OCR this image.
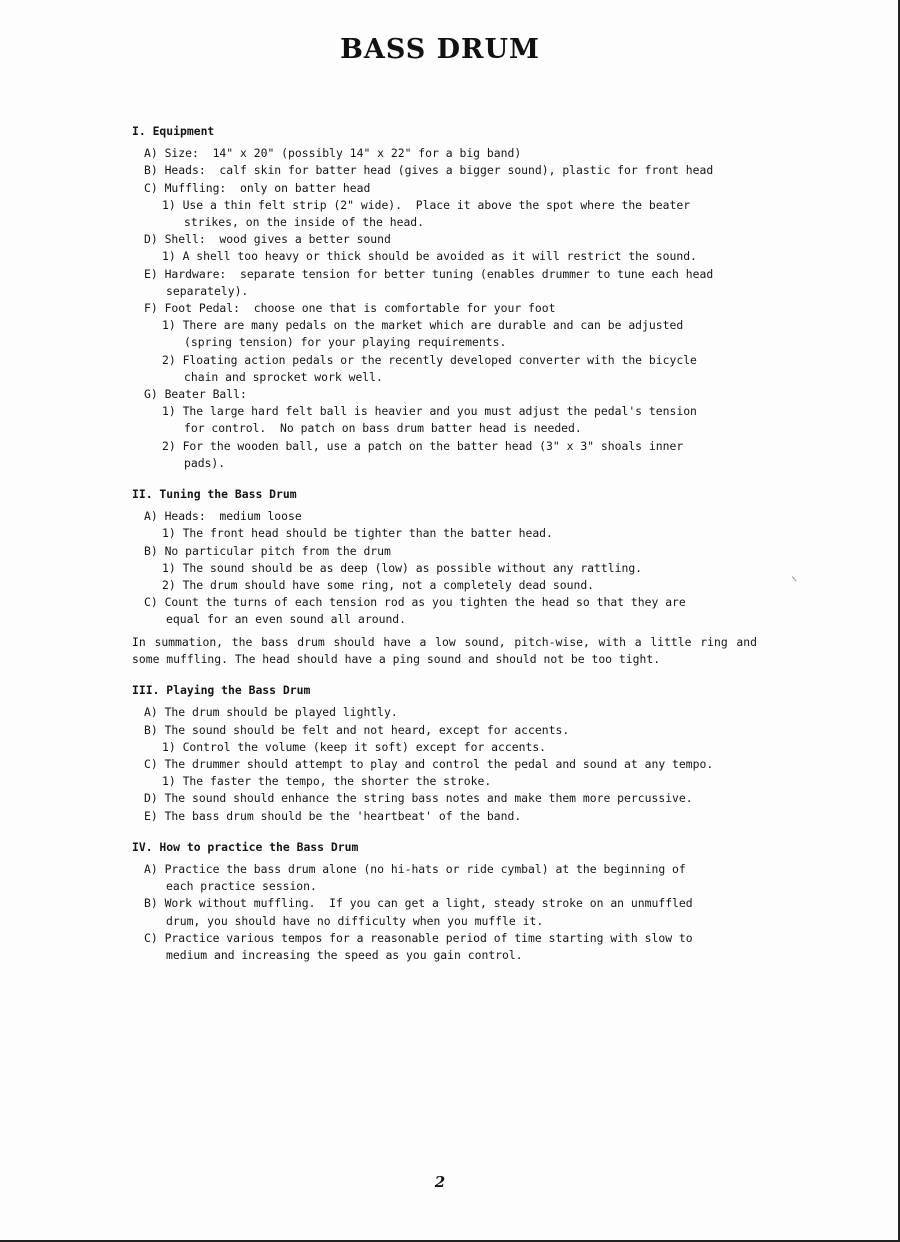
BASS DRUM
I. Equipment
A) Size:  14" x 20" (possibly 14" x 22" for a big band)
B) Heads:  calf skin for batter head (gives a bigger sound), plastic for front head
C) Muffling:  only on batter head
1) Use a thin felt strip (2" wide).  Place it above the spot where the beater
strikes, on the inside of the head.
D) Shell:  wood gives a better sound
1) A shell too heavy or thick should be avoided as it will restrict the sound.
E) Hardware:  separate tension for better tuning (enables drummer to tune each head
separately).
F) Foot Pedal:  choose one that is comfortable for your foot
1) There are many pedals on the market which are durable and can be adjusted
(spring tension) for your playing requirements.
2) Floating action pedals or the recently developed converter with the bicycle
chain and sprocket work well.
G) Beater Ball:
1) The large hard felt ball is heavier and you must adjust the pedal's tension
for control.  No patch on bass drum batter head is needed.
2) For the wooden ball, use a patch on the batter head (3" x 3" shoals inner
pads).
II. Tuning the Bass Drum
A) Heads:  medium loose
1) The front head should be tighter than the batter head.
B) No particular pitch from the drum
1) The sound should be as deep (low) as possible without any rattling.
2) The drum should have some ring, not a completely dead sound.
C) Count the turns of each tension rod as you tighten the head so that they are
equal for an even sound all around.
In summation, the bass drum should have a low sound, pitch-wise, with a little ring and some muffling. The head should have a ping sound and should not be too tight.
III. Playing the Bass Drum
A) The drum should be played lightly.
B) The sound should be felt and not heard, except for accents.
1) Control the volume (keep it soft) except for accents.
C) The drummer should attempt to play and control the pedal and sound at any tempo.
1) The faster the tempo, the shorter the stroke.
D) The sound should enhance the string bass notes and make them more percussive.
E) The bass drum should be the 'heartbeat' of the band.
IV. How to practice the Bass Drum
A) Practice the bass drum alone (no hi-hats or ride cymbal) at the beginning of
each practice session.
B) Work without muffling.  If you can get a light, steady stroke on an unmuffled
drum, you should have no difficulty when you muffle it.
C) Practice various tempos for a reasonable period of time starting with slow to
medium and increasing the speed as you gain control.
2
